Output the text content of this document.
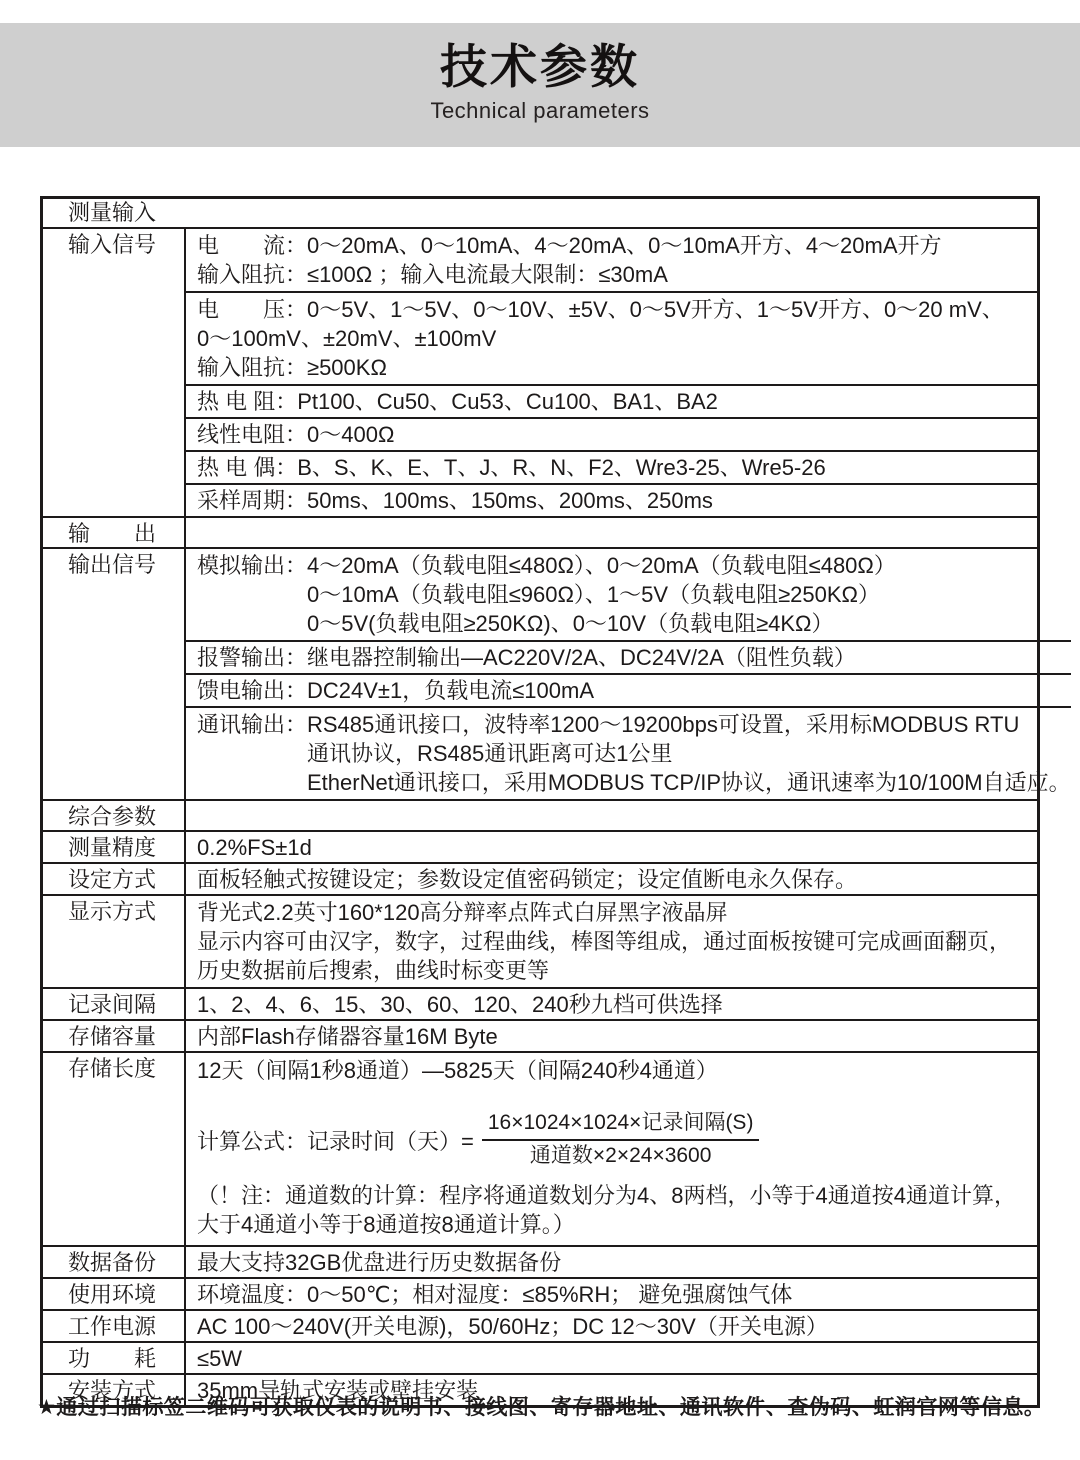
技术参数
Technical parameters
测量输入
输入信号	电　　流：0～20mA、0～10mA、4～20mA、0～10mA开方、4～20mA开方
输入阻抗：≤100Ω ；输入电流最大限制：≤30mA
电　　压：0～5V、1～5V、0～10V、±5V、0～5V开方、1～5V开方、0～20 mV、
0～100mV、±20mV、±100mV
输入阻抗：≥500KΩ
热 电 阻：Pt100、Cu50、Cu53、Cu100、BA1、BA2
线性电阻：0～400Ω
热 电 偶：B、S、K、E、T、J、R、N、F2、Wre3-25、Wre5-26
采样周期：50ms、100ms、150ms、200ms、250ms
输　　出
输出信号	模拟输出：4～20mA（负载电阻≤480Ω）、0～20mA（负载电阻≤480Ω）
0～10mA（负载电阻≤960Ω）、1～5V（负载电阻≥250KΩ）
0～5V(负载电阻≥250KΩ)、0～10V（负载电阻≥4KΩ）
报警输出：继电器控制输出—AC220V/2A、DC24V/2A（阻性负载）
馈电输出：DC24V±1，负载电流≤100mA
通讯输出：RS485通讯接口，波特率1200～19200bps可设置，采用标MODBUS RTU
通讯协议，RS485通讯距离可达1公里
EtherNet通讯接口，采用MODBUS TCP/IP协议，通讯速率为10/100M自适应。
综合参数
测量精度	0.2%FS±1d
设定方式	面板轻触式按键设定；参数设定值密码锁定；设定值断电永久保存。
显示方式	背光式2.2英寸160*120高分辩率点阵式白屏黑字液晶屏
显示内容可由汉字，数字，过程曲线，棒图等组成，通过面板按键可完成画面翻页，
历史数据前后搜索，曲线时标变更等
记录间隔	1、2、4、6、15、30、60、120、240秒九档可供选择
存储容量	内部Flash存储器容量16M Byte
存储长度	12天（间隔1秒8通道）—5825天（间隔240秒4通道）
计算公式：记录时间（天）= $\frac{\text{16×1024×1024×记录间隔(S)}}{\text{通道数×2×24×3600}}$
（！注：通道数的计算：程序将通道数划分为4、8两档，小等于4通道按4通道计算，
大于4通道小等于8通道按8通道计算。）
数据备份	最大支持32GB优盘进行历史数据备份
使用环境	环境温度：0～50℃；相对湿度：≤85%RH； 避免强腐蚀气体
工作电源	AC 100～240V(开关电源)，50/60Hz；DC 12～30V（开关电源）
功　　耗	≤5W
安装方式	35mm导轨式安装或壁挂安装
★通过扫描标签二维码可获取仪表的说明书、接线图、寄存器地址、通讯软件、查伪码、虹润官网等信息。
